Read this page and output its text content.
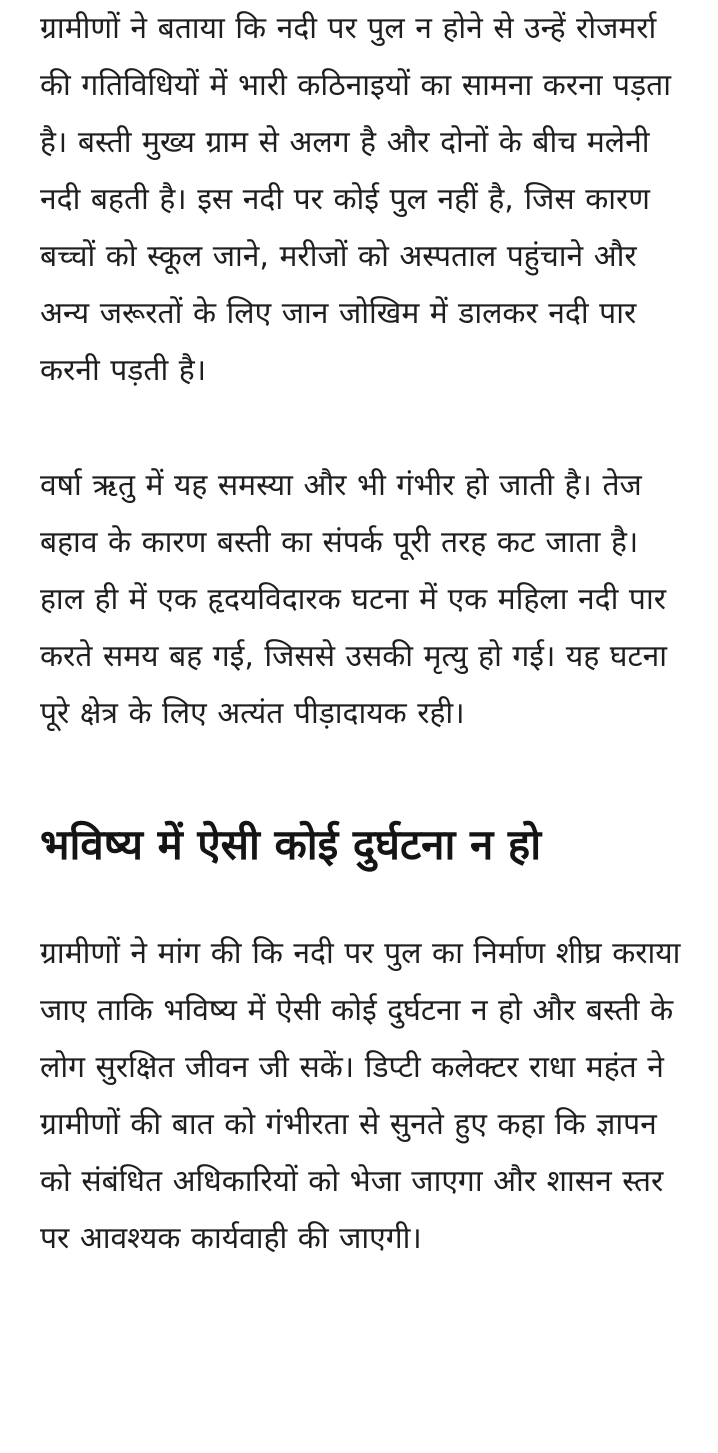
ग्रामीणों ने बताया कि नदी पर पुल न होने से उन्हें रोजमर्रा की गतिविधियों में भारी कठिनाइयों का सामना करना पड़ता है। बस्ती मुख्य ग्राम से अलग है और दोनों के बीच मलेनी नदी बहती है। इस नदी पर कोई पुल नहीं है, जिस कारण बच्चों को स्कूल जाने, मरीजों को अस्पताल पहुंचाने और अन्य जरूरतों के लिए जान जोखिम में डालकर नदी पार करनी पड़ती है।

वर्षा ऋतु में यह समस्या और भी गंभीर हो जाती है। तेज बहाव के कारण बस्ती का संपर्क पूरी तरह कट जाता है। हाल ही में एक हृदयविदारक घटना में एक महिला नदी पार करते समय बह गई, जिससे उसकी मृत्यु हो गई। यह घटना पूरे क्षेत्र के लिए अत्यंत पीड़ादायक रही।

भविष्य में ऐसी कोई दुर्घटना न हो

ग्रामीणों ने मांग की कि नदी पर पुल का निर्माण शीघ्र कराया जाए ताकि भविष्य में ऐसी कोई दुर्घटना न हो और बस्ती के लोग सुरक्षित जीवन जी सकें। डिप्टी कलेक्टर राधा महंत ने ग्रामीणों की बात को गंभीरता से सुनते हुए कहा कि ज्ञापन को संबंधित अधिकारियों को भेजा जाएगा और शासन स्तर पर आवश्यक कार्यवाही की जाएगी।
